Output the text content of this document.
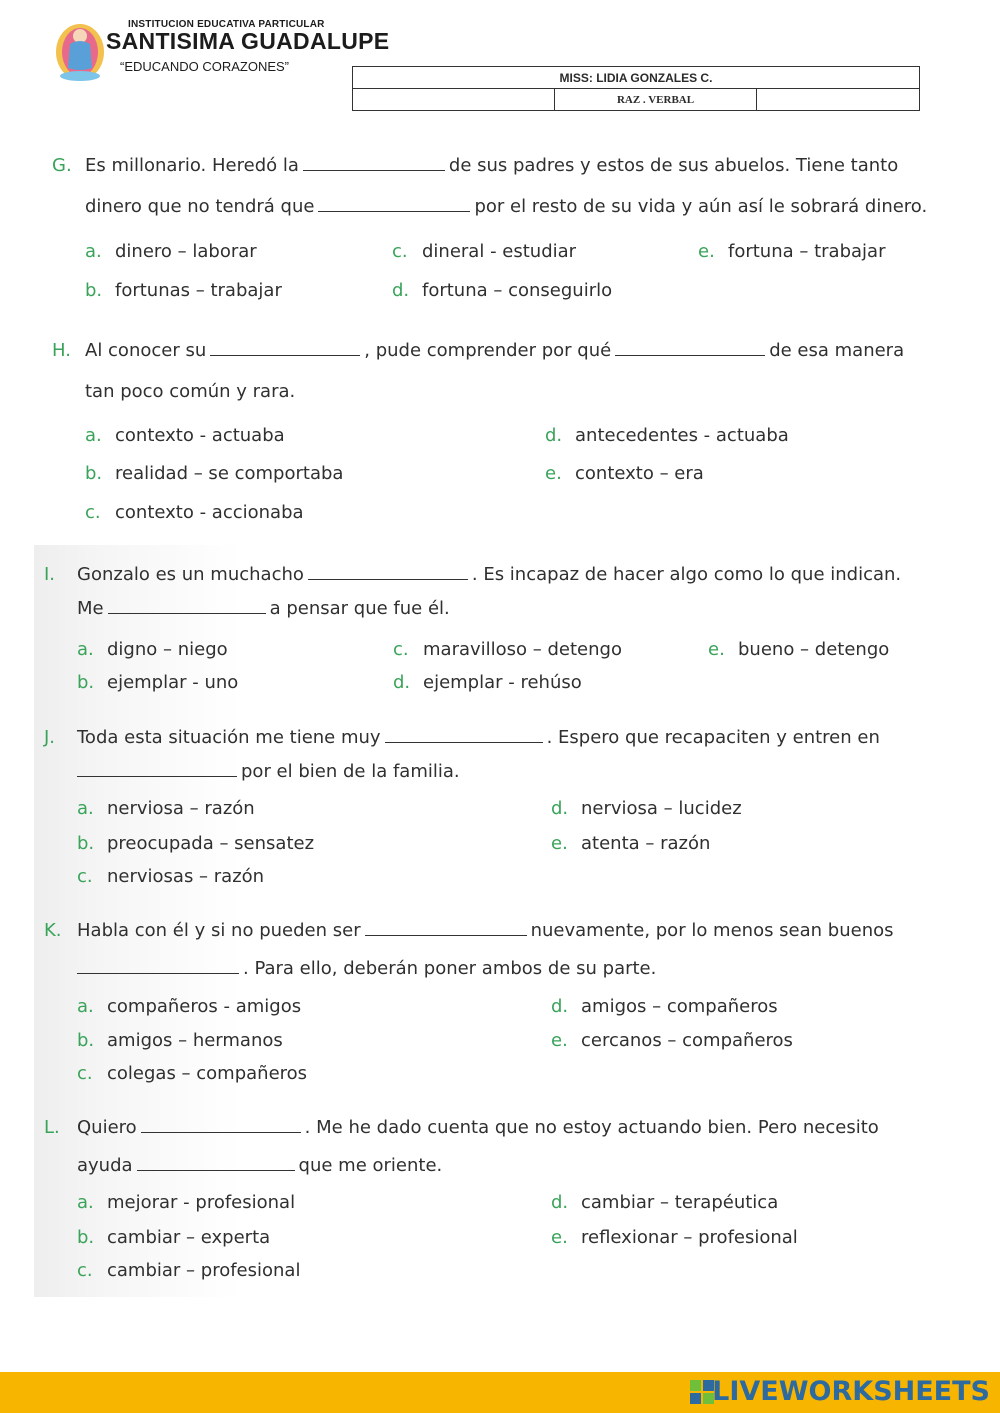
INSTITUCION EDUCATIVA PARTICULAR
SANTISIMA GUADALUPE
“EDUCANDO CORAZONES”
MISS: LIDIA GONZALES C.
	RAZ . VERBAL	
G. Es millonario. Heredó la	de sus padres y estos de sus abuelos. Tiene tanto
dinero que no tendrá que	por el resto de su vida y aún así le sobrará dinero.
a. dinero – laborar
b. fortunas – trabajar
c. dineral - estudiar
d. fortuna – conseguirlo
e. fortuna – trabajar
H. Al conocer su	, pude comprender por qué	de esa manera
tan poco común y rara.
a. contexto - actuaba
b. realidad – se comportaba
c. contexto - accionaba
d. antecedentes - actuaba
e. contexto – era
I. Gonzalo es un muchacho	. Es incapaz de hacer algo como lo que indican.
Me	a pensar que fue él.
a. digno – niego
b. ejemplar - uno
c. maravilloso – detengo
d. ejemplar - rehúso
e. bueno – detengo
J. Toda esta situación me tiene muy	. Espero que recapaciten y entren en
por el bien de la familia.
a. nerviosa – razón
b. preocupada – sensatez
c. nerviosas – razón
d. nerviosa – lucidez
e. atenta – razón
K. Habla con él y si no pueden ser	nuevamente, por lo menos sean buenos
. Para ello, deberán poner ambos de su parte.
a. compañeros - amigos
b. amigos – hermanos
c. colegas – compañeros
d. amigos – compañeros
e. cercanos – compañeros
L. Quiero	. Me he dado cuenta que no estoy actuando bien. Pero necesito
ayuda	que me oriente.
a. mejorar - profesional
b. cambiar – experta
c. cambiar – profesional
d. cambiar – terapéutica
e. reflexionar – profesional
LIVEWORKSHEETS
